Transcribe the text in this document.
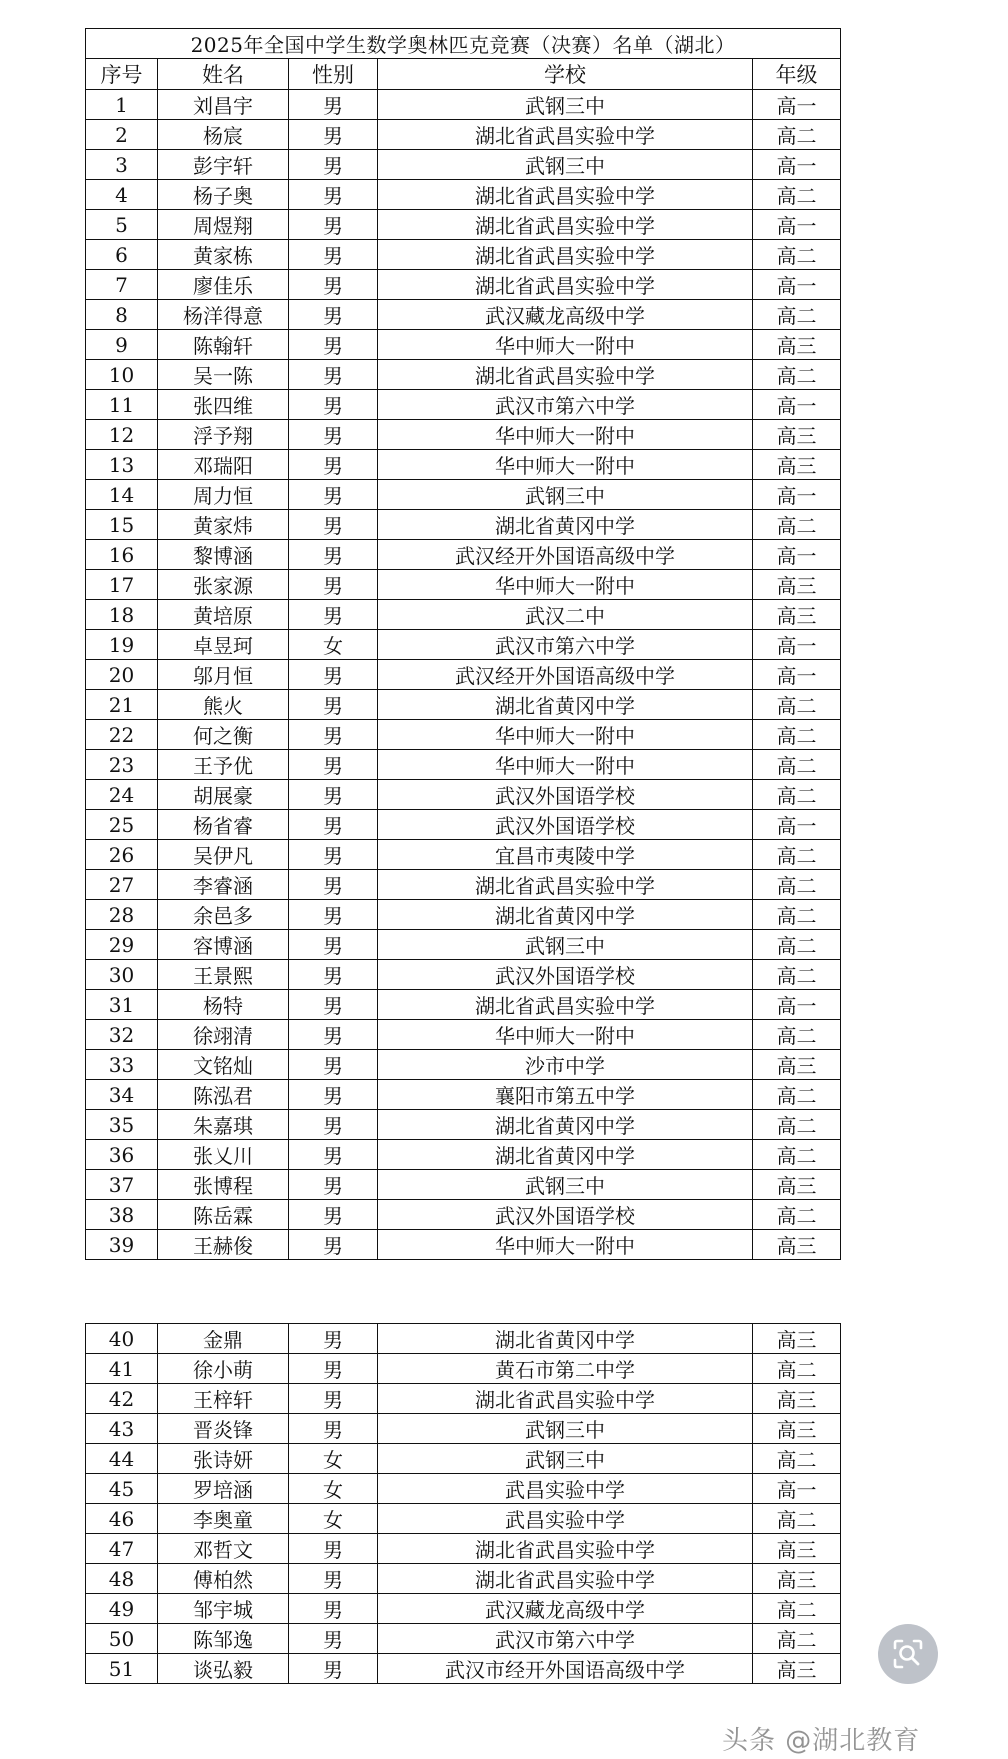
2025年全国中学生数学奥林匹克竞赛（决赛）名单（湖北）				
序号	姓名	性别	学校	年级
1	刘昌宇	男	武钢三中	高一
2	杨宸	男	湖北省武昌实验中学	高二
3	彭宇轩	男	武钢三中	高一
4	杨子奥	男	湖北省武昌实验中学	高二
5	周煜翔	男	湖北省武昌实验中学	高一
6	黄家栋	男	湖北省武昌实验中学	高二
7	廖佳乐	男	湖北省武昌实验中学	高一
8	杨洋得意	男	武汉藏龙高级中学	高二
9	陈翰轩	男	华中师大一附中	高三
10	吴一陈	男	湖北省武昌实验中学	高二
11	张四维	男	武汉市第六中学	高一
12	浮予翔	男	华中师大一附中	高三
13	邓瑞阳	男	华中师大一附中	高三
14	周力恒	男	武钢三中	高一
15	黄家炜	男	湖北省黄冈中学	高二
16	黎博涵	男	武汉经开外国语高级中学	高一
17	张家源	男	华中师大一附中	高三
18	黄培原	男	武汉二中	高三
19	卓昱珂	女	武汉市第六中学	高一
20	邬月恒	男	武汉经开外国语高级中学	高一
21	熊火	男	湖北省黄冈中学	高二
22	何之衡	男	华中师大一附中	高二
23	王予优	男	华中师大一附中	高二
24	胡展豪	男	武汉外国语学校	高二
25	杨省睿	男	武汉外国语学校	高一
26	吴伊凡	男	宜昌市夷陵中学	高二
27	李睿涵	男	湖北省武昌实验中学	高二
28	余邑多	男	湖北省黄冈中学	高二
29	容博涵	男	武钢三中	高二
30	王景熙	男	武汉外国语学校	高二
31	杨特	男	湖北省武昌实验中学	高一
32	徐翊清	男	华中师大一附中	高二
33	文铭灿	男	沙市中学	高三
34	陈泓君	男	襄阳市第五中学	高二
35	朱嘉琪	男	湖北省黄冈中学	高二
36	张乂川	男	湖北省黄冈中学	高二
37	张博程	男	武钢三中	高三
38	陈岳霖	男	武汉外国语学校	高二
39	王赫俊	男	华中师大一附中	高三
40	金鼎	男	湖北省黄冈中学	高三
41	徐小萌	男	黄石市第二中学	高二
42	王梓轩	男	湖北省武昌实验中学	高三
43	晋炎锋	男	武钢三中	高三
44	张诗妍	女	武钢三中	高二
45	罗培涵	女	武昌实验中学	高一
46	李奥童	女	武昌实验中学	高二
47	邓哲文	男	湖北省武昌实验中学	高三
48	傅柏然	男	湖北省武昌实验中学	高三
49	邹宇城	男	武汉藏龙高级中学	高二
50	陈邹逸	男	武汉市第六中学	高二
51	谈弘毅	男	武汉市经开外国语高级中学	高三
头条 @湖北教育
